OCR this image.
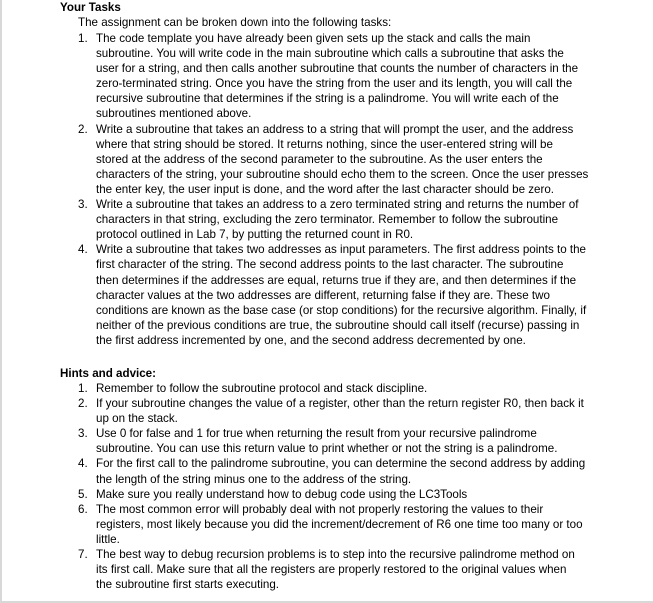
Your Tasks
The assignment can be broken down into the following tasks:
1. The code template you have already been given sets up the stack and calls the main
subroutine. You will write code in the main subroutine which calls a subroutine that asks the
user for a string, and then calls another subroutine that counts the number of characters in the
zero-terminated string. Once you have the string from the user and its length, you will call the
recursive subroutine that determines if the string is a palindrome. You will write each of the
subroutines mentioned above.
2. Write a subroutine that takes an address to a string that will prompt the user, and the address
where that string should be stored. It returns nothing, since the user-entered string will be
stored at the address of the second parameter to the subroutine. As the user enters the
characters of the string, your subroutine should echo them to the screen. Once the user presses
the enter key, the user input is done, and the word after the last character should be zero.
3. Write a subroutine that takes an address to a zero terminated string and returns the number of
characters in that string, excluding the zero terminator. Remember to follow the subroutine
protocol outlined in Lab 7, by putting the returned count in R0.
4. Write a subroutine that takes two addresses as input parameters. The first address points to the
first character of the string. The second address points to the last character. The subroutine
then determines if the addresses are equal, returns true if they are, and then determines if the
character values at the two addresses are different, returning false if they are. These two
conditions are known as the base case (or stop conditions) for the recursive algorithm. Finally, if
neither of the previous conditions are true, the subroutine should call itself (recurse) passing in
the first address incremented by one, and the second address decremented by one.
Hints and advice:
1. Remember to follow the subroutine protocol and stack discipline.
2. If your subroutine changes the value of a register, other than the return register R0, then back it
up on the stack.
3. Use 0 for false and 1 for true when returning the result from your recursive palindrome
subroutine. You can use this return value to print whether or not the string is a palindrome.
4. For the first call to the palindrome subroutine, you can determine the second address by adding
the length of the string minus one to the address of the string.
5. Make sure you really understand how to debug code using the LC3Tools
6. The most common error will probably deal with not properly restoring the values to their
registers, most likely because you did the increment/decrement of R6 one time too many or too
little.
7. The best way to debug recursion problems is to step into the recursive palindrome method on
its first call. Make sure that all the registers are properly restored to the original values when
the subroutine first starts executing.
